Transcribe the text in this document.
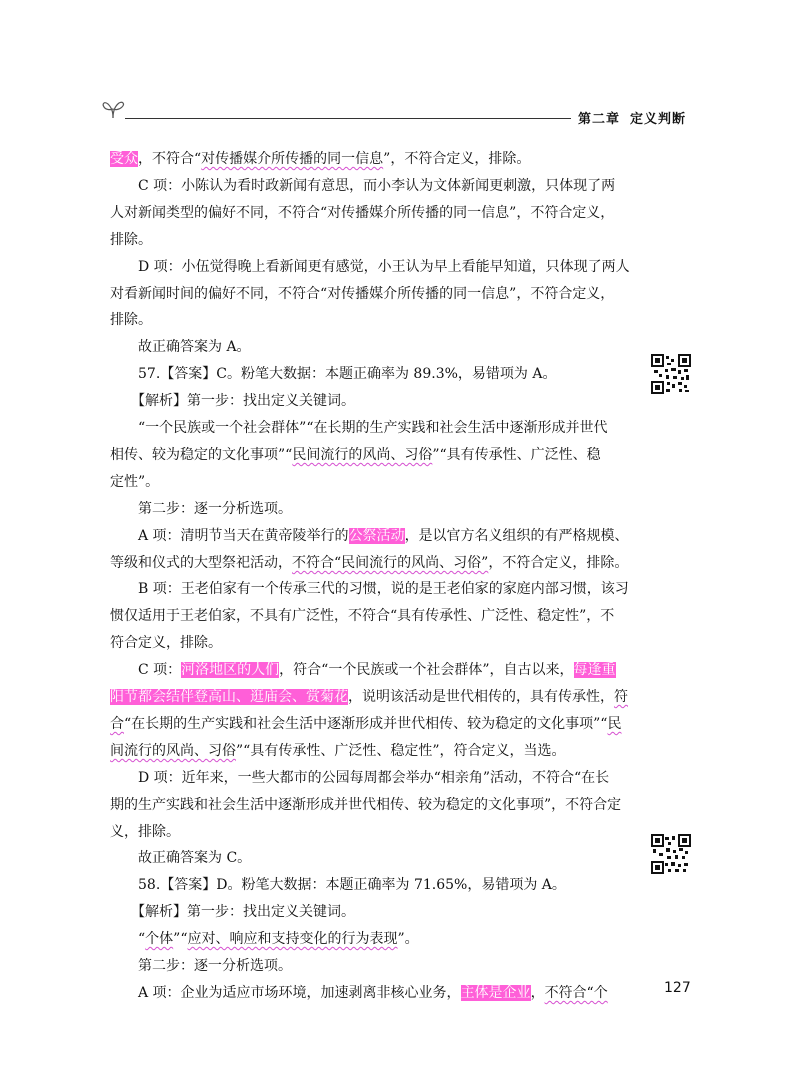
第二章 定义判断
受众，不符合“对传播媒介所传播的同一信息”，不符合定义，排除。
　　C 项：小陈认为看时政新闻有意思，而小李认为文体新闻更刺激，只体现了两
人对新闻类型的偏好不同，不符合“对传播媒介所传播的同一信息”，不符合定义，
排除。
　　D 项：小伍觉得晚上看新闻更有感觉，小王认为早上看能早知道，只体现了两人
对看新闻时间的偏好不同，不符合“对传播媒介所传播的同一信息”，不符合定义，
排除。
　　故正确答案为 A。
　　57.【答案】C。粉笔大数据：本题正确率为 89.3%，易错项为 A。
　　【解析】第一步：找出定义关键词。
　　“一个民族或一个社会群体”“在长期的生产实践和社会生活中逐渐形成并世代
相传、较为稳定的文化事项”“民间流行的风尚、习俗”“具有传承性、广泛性、稳
定性”。
　　第二步：逐一分析选项。
　　A 项：清明节当天在黄帝陵举行的公祭活动，是以官方名义组织的有严格规模、
等级和仪式的大型祭祀活动，不符合“民间流行的风尚、习俗”，不符合定义，排除。
　　B 项：王老伯家有一个传承三代的习惯，说的是王老伯家的家庭内部习惯，该习
惯仅适用于王老伯家，不具有广泛性，不符合“具有传承性、广泛性、稳定性”，不
符合定义，排除。
　　C 项：河洛地区的人们，符合“一个民族或一个社会群体”，自古以来，每逢重
阳节都会结伴登高山、逛庙会、赏菊花，说明该活动是世代相传的，具有传承性，符
合“在长期的生产实践和社会生活中逐渐形成并世代相传、较为稳定的文化事项”“民
间流行的风尚、习俗”“具有传承性、广泛性、稳定性”，符合定义，当选。
　　D 项：近年来，一些大都市的公园每周都会举办“相亲角”活动，不符合“在长
期的生产实践和社会生活中逐渐形成并世代相传、较为稳定的文化事项”，不符合定
义，排除。
　　故正确答案为 C。
　　58.【答案】D。粉笔大数据：本题正确率为 71.65%，易错项为 A。
　　【解析】第一步：找出定义关键词。
　　“个体”“应对、响应和支持变化的行为表现”。
　　第二步：逐一分析选项。
　　A 项：企业为适应市场环境，加速剥离非核心业务，主体是企业，不符合“个	127
